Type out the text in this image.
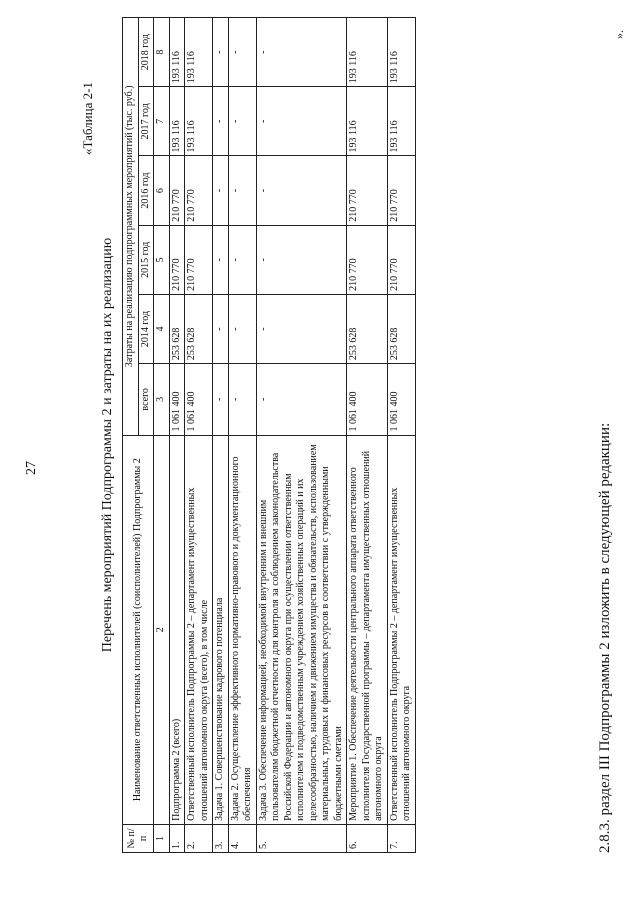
27
«Таблица 2-1
Перечень мероприятий Подпрограммы 2 и затраты на их реализацию
№ п/п	Наименование ответственных исполнителей (соисполнителей) Подпрограммы 2	Затраты на реализацию подпрограммных мероприятий (тыс. руб.)					
		всего	2014 год	2015 год	2016 год	2017 год	2018 год
1	2	3	4	5	6	7	8
1.	Подпрограмма 2 (всего)	1 061 400	253 628	210 770	210 770	193 116	193 116
2.	Ответственный исполнитель Подпрограммы 2 – департамент имущественных отношений автономного округа (всего), в том числе	1 061 400	253 628	210 770	210 770	193 116	193 116
3.	Задача 1. Совершенствование кадрового потенциала	-	-	-	-	-	-
4.	Задача 2. Осуществление эффективного нормативно-правового и документационного обеспечения	-	-	-	-	-	-
5.	Задача 3. Обеспечение информацией, необходимой внутренним и внешним пользователям бюджетной отчетности для контроля за соблюдением законодательства Российской Федерации и автономного округа при осуществлении ответственным исполнителем и подведомственным учреждением хозяйственных операций и их целесообразностью, наличием и движением имущества и обязательств, использованием материальных, трудовых и финансовых ресурсов в соответствии с утвержденными бюджетными сметами	-	-	-	-	-	-
6.	Мероприятие 1. Обеспечение деятельности центрального аппарата ответственного исполнителя Государственной программы – департамента имущественных отношений автономного округа	1 061 400	253 628	210 770	210 770	193 116	193 116
7.	Ответственный исполнитель Подпрограммы 2 – департамент имущественных отношений автономного округа	1 061 400	253 628	210 770	210 770	193 116	193 116
».
2.8.3. раздел III Подпрограммы 2 изложить в следующей редакции:
